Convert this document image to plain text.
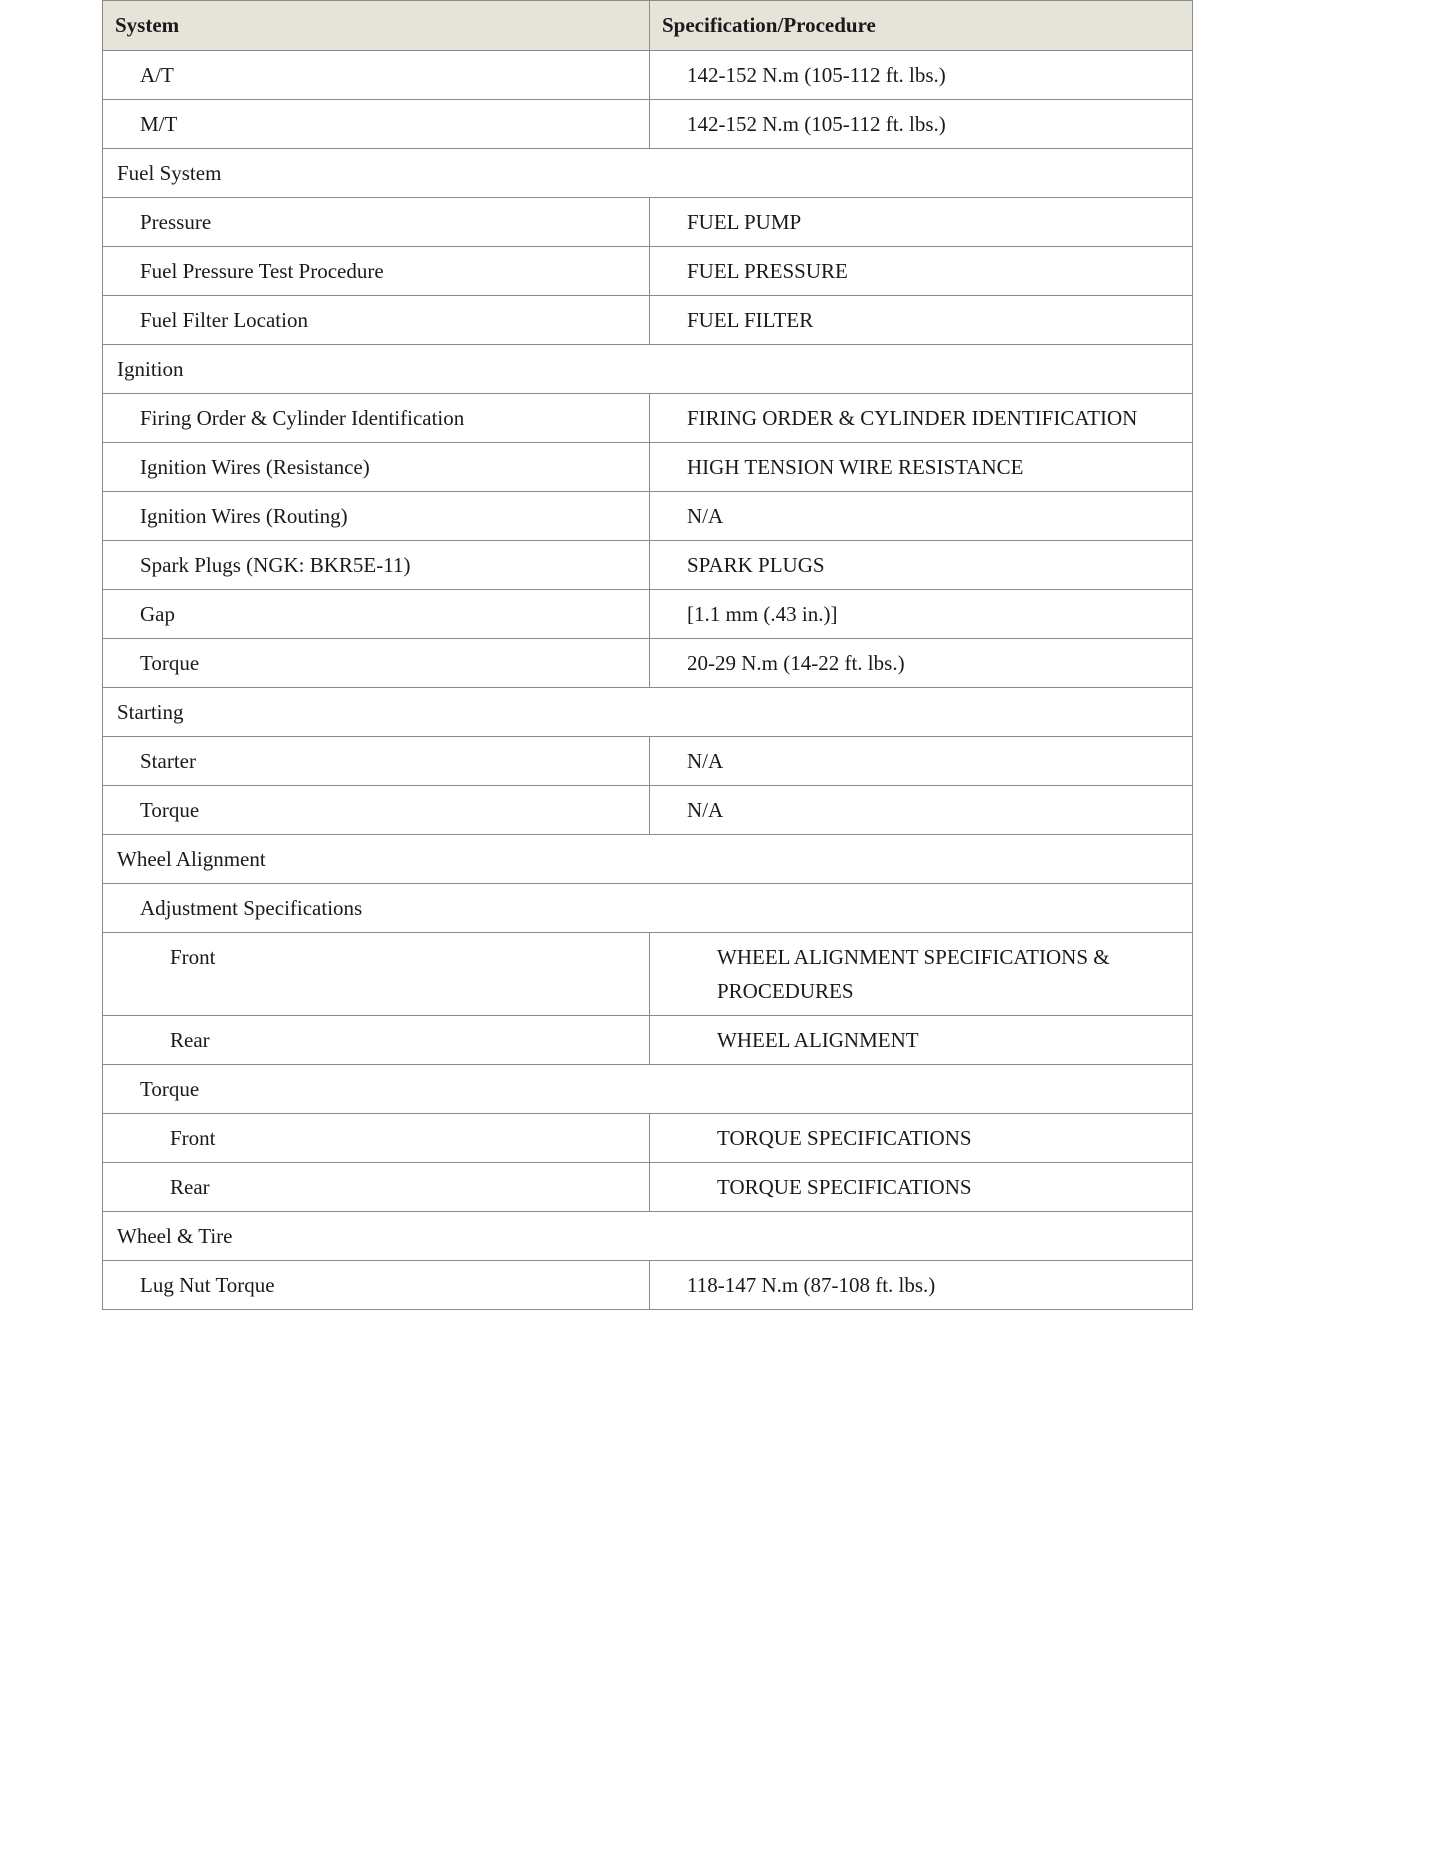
System	Specification/Procedure
A/T	142-152 N.m (105-112 ft. lbs.)
M/T	142-152 N.m (105-112 ft. lbs.)
Fuel System	
Pressure	FUEL PUMP
Fuel Pressure Test Procedure	FUEL PRESSURE
Fuel Filter Location	FUEL FILTER
Ignition	
Firing Order & Cylinder Identification	FIRING ORDER & CYLINDER IDENTIFICATION
Ignition Wires (Resistance)	HIGH TENSION WIRE RESISTANCE
Ignition Wires (Routing)	N/A
Spark Plugs (NGK: BKR5E-11)	SPARK PLUGS
Gap	[1.1 mm (.43 in.)]
Torque	20-29 N.m (14-22 ft. lbs.)
Starting	
Starter	N/A
Torque	N/A
Wheel Alignment	
Adjustment Specifications	
Front	WHEEL ALIGNMENT SPECIFICATIONS & PROCEDURES
Rear	WHEEL ALIGNMENT
Torque	
Front	TORQUE SPECIFICATIONS
Rear	TORQUE SPECIFICATIONS
Wheel & Tire	
Lug Nut Torque	118-147 N.m (87-108 ft. lbs.)
